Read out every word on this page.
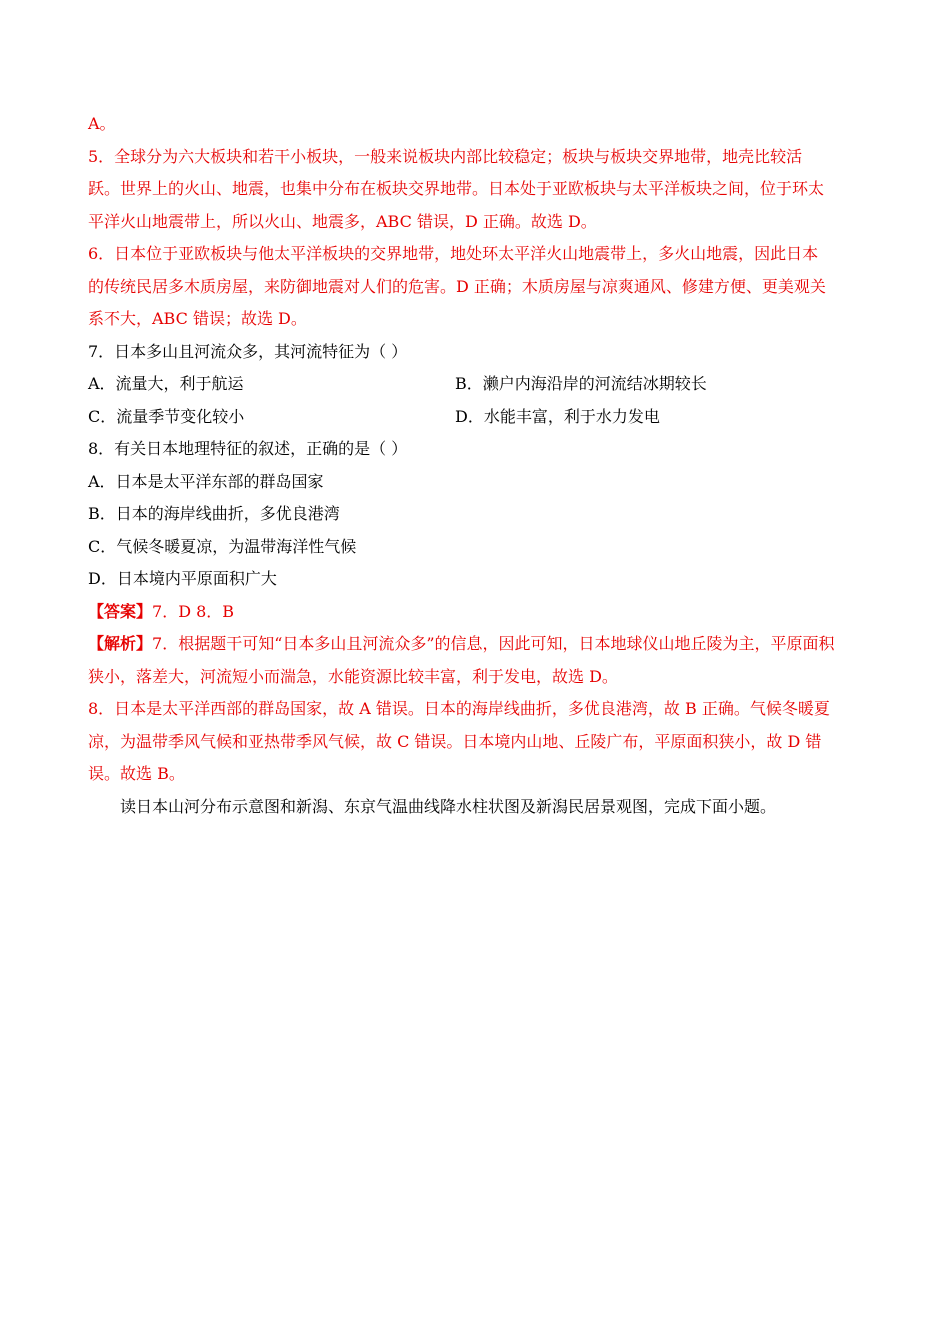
A。
5．全球分为六大板块和若干小板块，一般来说板块内部比较稳定；板块与板块交界地带，地壳比较活
跃。世界上的火山、地震，也集中分布在板块交界地带。日本处于亚欧板块与太平洋板块之间，位于环太
平洋火山地震带上，所以火山、地震多，ABC 错误，D 正确。故选 D。
6．日本位于亚欧板块与他太平洋板块的交界地带，地处环太平洋火山地震带上，多火山地震，因此日本
的传统民居多木质房屋，来防御地震对人们的危害。D 正确；木质房屋与凉爽通风、修建方便、更美观关
系不大，ABC 错误；故选 D。
7．日本多山且河流众多，其河流特征为（ ）
A．流量大，利于航运	B．濑户内海沿岸的河流结冰期较长
C．流量季节变化较小	D．水能丰富，利于水力发电
8．有关日本地理特征的叙述，正确的是（ ）
A．日本是太平洋东部的群岛国家
B．日本的海岸线曲折，多优良港湾
C．气候冬暖夏凉，为温带海洋性气候
D．日本境内平原面积广大
【答案】7．D 8．B
【解析】7．根据题干可知“日本多山且河流众多”的信息，因此可知，日本地球仪山地丘陵为主，平原面积
狭小，落差大，河流短小而湍急，水能资源比较丰富，利于发电，故选 D。
8．日本是太平洋西部的群岛国家，故 A 错误。日本的海岸线曲折，多优良港湾，故 B 正确。气候冬暖夏
凉，为温带季风气候和亚热带季风气候，故 C 错误。日本境内山地、丘陵广布，平原面积狭小，故 D 错
误。故选 B。
读日本山河分布示意图和新潟、东京气温曲线降水柱状图及新潟民居景观图，完成下面小题。
